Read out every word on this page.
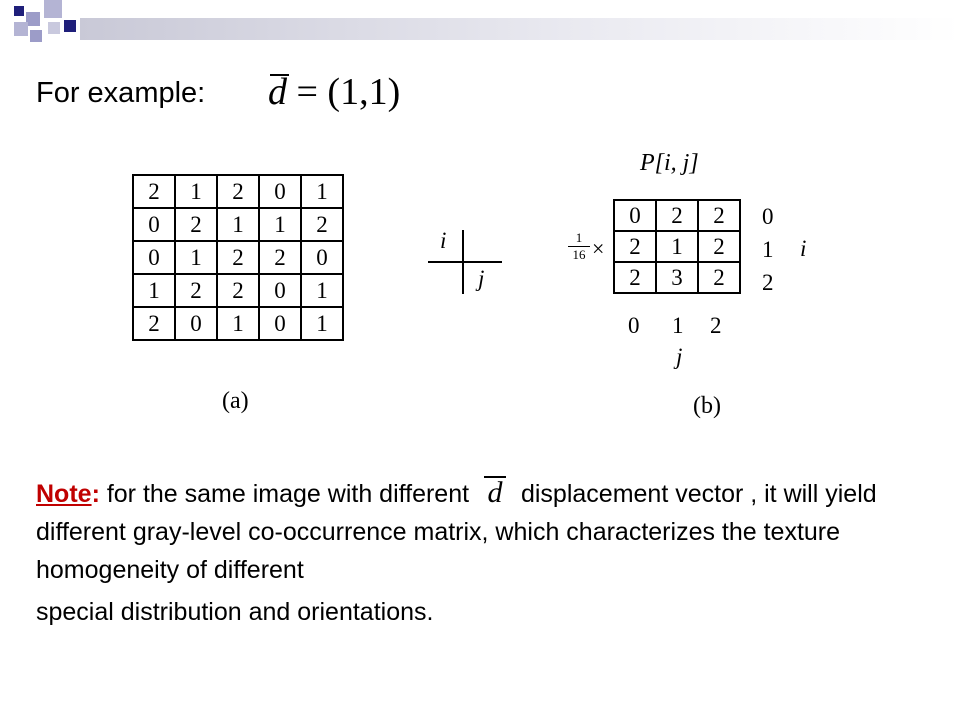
For example: d = (1,1)
2	1	2	0	1
0	2	1	1	2
0	1	2	2	0
1	2	2	0	1
2	0	1	0	1
(a)
i
j
P[i, j]
1
16 ×
0	2	2
2	1	2
2	3	2
0
1
2
i
0 1 2
j
(b)
Note: for the same image with different d displacement vector , it will yield different gray-level co-occurrence matrix, which characterizes the texture homogeneity of different
special distribution and orientations.
